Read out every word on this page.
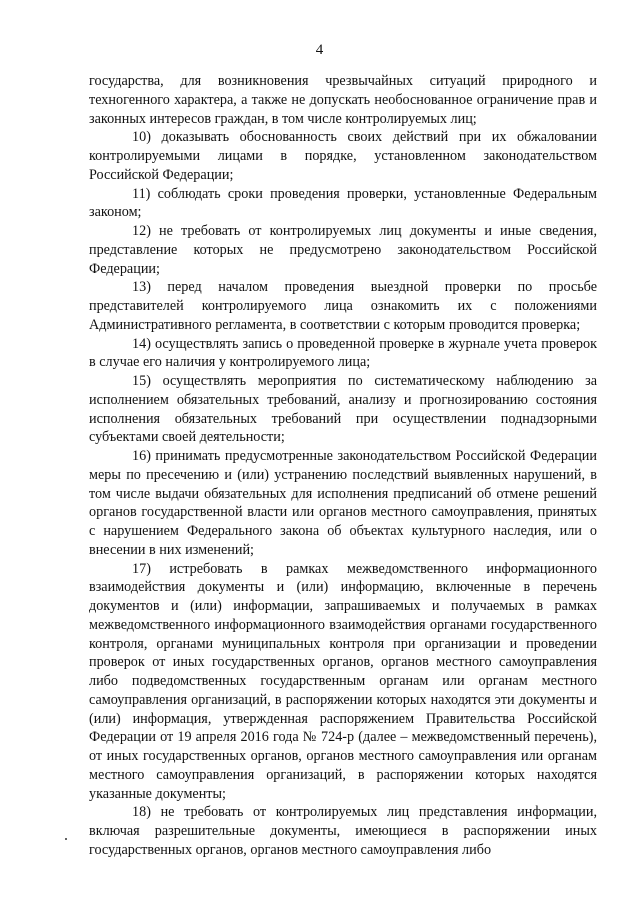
4

государства, для возникновения чрезвычайных ситуаций природного и техногенного характера, а также не допускать необоснованное ограничение прав и законных интересов граждан, в том числе контролируемых лиц;

10) доказывать обоснованность своих действий при их обжаловании контролируемыми лицами в порядке, установленном законодательством Российской Федерации;

11) соблюдать сроки проведения проверки, установленные Федеральным законом;

12) не требовать от контролируемых лиц документы и иные сведения, представление которых не предусмотрено законодательством Российской Федерации;

13) перед началом проведения выездной проверки по просьбе представителей контролируемого лица ознакомить их с положениями Административного регламента, в соответствии с которым проводится проверка;

14) осуществлять запись о проведенной проверке в журнале учета проверок в случае его наличия у контролируемого лица;

15) осуществлять мероприятия по систематическому наблюдению за исполнением обязательных требований, анализу и прогнозированию состояния исполнения обязательных требований при осуществлении поднадзорными субъектами своей деятельности;

16) принимать предусмотренные законодательством Российской Федерации меры по пресечению и (или) устранению последствий выявленных нарушений, в том числе выдачи обязательных для исполнения предписаний об отмене решений органов государственной власти или органов местного самоуправления, принятых с нарушением Федерального закона об объектах культурного наследия, или о внесении в них изменений;

17) истребовать в рамках межведомственного информационного взаимодействия документы и (или) информацию, включенные в перечень документов и (или) информации, запрашиваемых и получаемых в рамках межведомственного информационного взаимодействия органами государственного контроля, органами муниципальных контроля при организации и проведении проверок от иных государственных органов, органов местного самоуправления либо подведомственных государственным органам или органам местного самоуправления организаций, в распоряжении которых находятся эти документы и (или) информация, утвержденная распоряжением Правительства Российской Федерации от 19 апреля 2016 года № 724-р (далее – межведомственный перечень), от иных государственных органов, органов местного самоуправления или органам местного самоуправления организаций, в распоряжении которых находятся указанные документы;

18) не требовать от контролируемых лиц представления информации, включая разрешительные документы, имеющиеся в распоряжении иных государственных органов, органов местного самоуправления либо
